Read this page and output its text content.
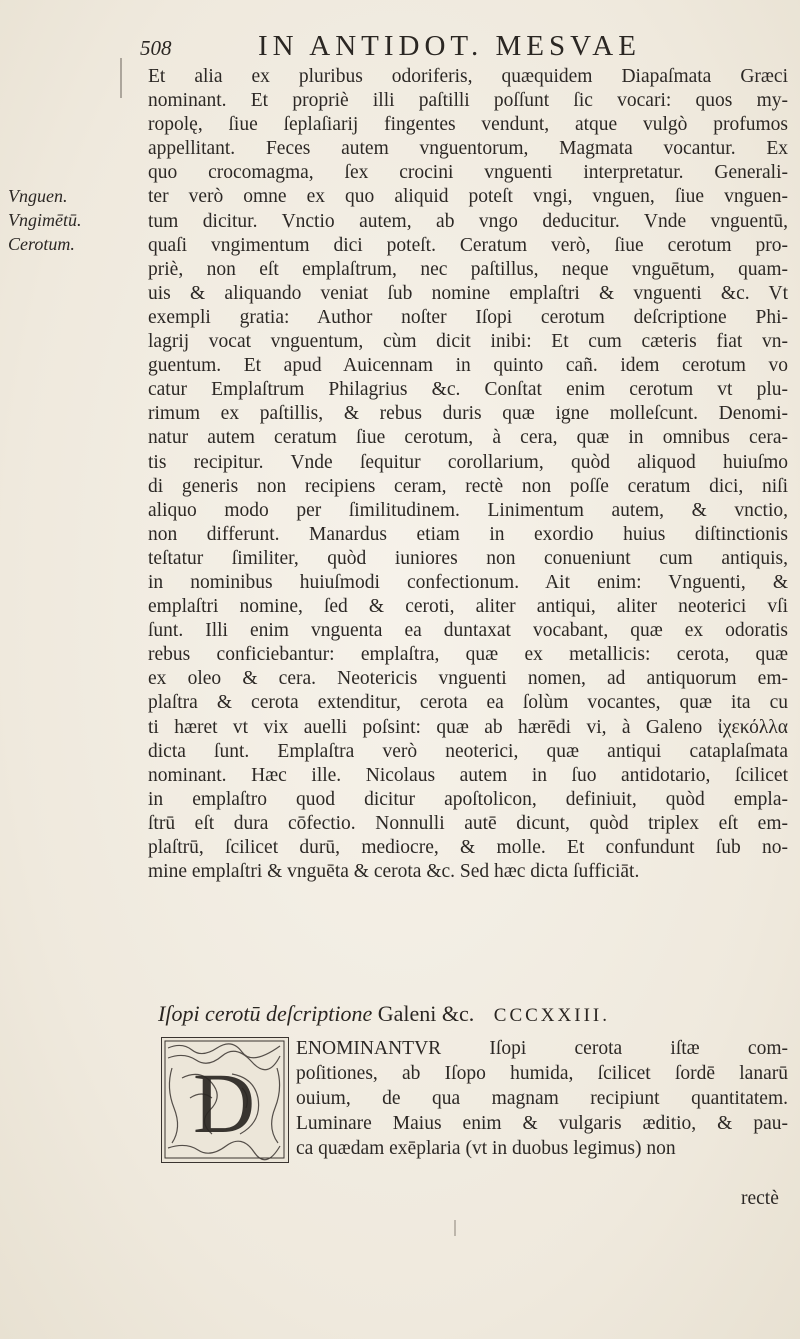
508	IN ANTIDOT. MESVAE
Vnguen.
Vngimētū.
Cerotum.
Et alia ex pluribus odoriferis, quæquidem Diapaſmata Græci
nominant. Et propriè illi paſtilli poſſunt ſic vocari: quos my-
ropolę, ſiue ſeplaſiarij fingentes vendunt, atque vulgò profumos
appellitant. Feces autem vnguentorum, Magmata vocantur. Ex
quo crocomagma, ſex crocini vnguenti interpretatur. Generali-
ter verò omne ex quo aliquid poteſt vngi, vnguen, ſiue vnguen-
tum dicitur. Vnctio autem, ab vngo deducitur. Vnde vnguentū,
quaſi vngimentum dici poteſt. Ceratum verò, ſiue cerotum pro-
priè, non eſt emplaſtrum, nec paſtillus, neque vnguētum, quam-
uis & aliquando veniat ſub nomine emplaſtri & vnguenti &c. Vt
exempli gratia: Author noſter Iſopi cerotum deſcriptione Phi-
lagrij vocat vnguentum, cùm dicit inibi: Et cum cæteris fiat vn-
guentum. Et apud Auicennam in quinto cañ. idem cerotum vo
catur Emplaſtrum Philagrius &c. Conſtat enim cerotum vt plu-
rimum ex paſtillis, & rebus duris quæ igne molleſcunt. Denomi-
natur autem ceratum ſiue cerotum, à cera, quæ in omnibus cera-
tis recipitur. Vnde ſequitur corollarium, quòd aliquod huiuſmo
di generis non recipiens ceram, rectè non poſſe ceratum dici, niſi
aliquo modo per ſimilitudinem. Linimentum autem, & vnctio,
non differunt. Manardus etiam in exordio huius diſtinctionis
teſtatur ſimiliter, quòd iuniores non conueniunt cum antiquis,
in nominibus huiuſmodi confectionum. Ait enim: Vnguenti, &
emplaſtri nomine, ſed & ceroti, aliter antiqui, aliter neoterici vſi
ſunt. Illi enim vnguenta ea duntaxat vocabant, quæ ex odoratis
rebus conficiebantur: emplaſtra, quæ ex metallicis: cerota, quæ
ex oleo & cera. Neotericis vnguenti nomen, ad antiquorum em-
plaſtra & cerota extenditur, cerota ea ſolùm vocantes, quæ ita cu
ti hæret vt vix auelli poſsint: quæ ab hærēdi vi, à Galeno ἰχεκόλλα
dicta ſunt. Emplaſtra verò neoterici, quæ antiqui cataplaſmata
nominant. Hæc ille. Nicolaus autem in ſuo antidotario, ſcilicet
in emplaſtro quod dicitur apoſtolicon, definiuit, quòd empla-
ſtrū eſt dura cōfectio. Nonnulli autē dicunt, quòd triplex eſt em-
plaſtrū, ſcilicet durū, mediocre, & molle. Et confundunt ſub no-
mine emplaſtri & vnguēta & cerota &c. Sed hæc dicta ſufficiāt.
Iſopi cerotū deſcriptione Galeni &c. CCCXXIII.
D
ENOMINANTVR Iſopi cerota iſtæ com-
poſitiones, ab Iſopo humida, ſcilicet ſordē lanarū
ouium, de qua magnam recipiunt quantitatem.
Luminare Maius enim & vulgaris æditio, & pau-
ca quædam exēplaria (vt in duobus legimus) non
rectè
